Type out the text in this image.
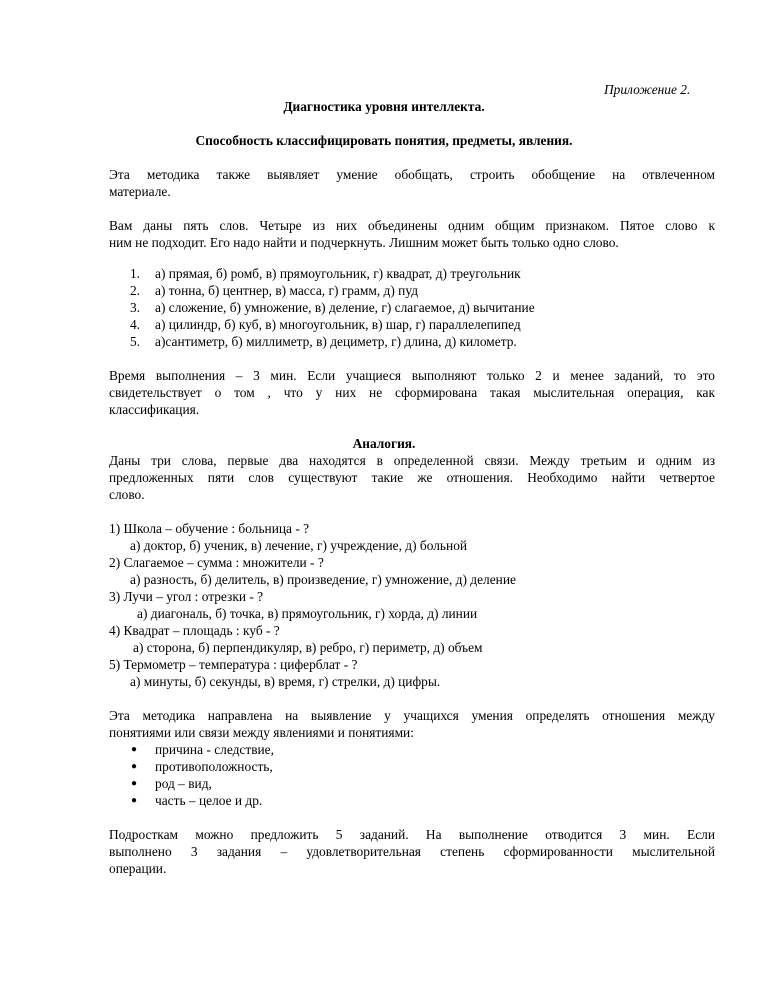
Приложение 2.
Диагностика уровня интеллекта.
Способность классифицировать понятия, предметы, явления.
Эта методика также выявляет умение обобщать, строить обобщение на отвлеченном
материале.
Вам даны пять слов. Четыре из них объединены одним общим признаком. Пятое слово к
ним не подходит. Его надо найти и подчеркнуть. Лишним может быть только одно слово.
1. а) прямая, б) ромб, в) прямоугольник, г) квадрат, д) треугольник
2. а) тонна, б) центнер, в) масса, г) грамм, д) пуд
3. а) сложение, б) умножение, в) деление, г) слагаемое, д) вычитание
4. а) цилиндр, б) куб, в) многоугольник, в) шар, г) параллелепипед
5. а)сантиметр, б) миллиметр, в) дециметр, г) длина, д) километр.
Время выполнения – 3 мин. Если учащиеся выполняют только 2 и менее заданий, то это
свидетельствует о том , что у них не сформирована такая мыслительная операция, как
классификация.
Аналогия.
Даны три слова, первые два находятся в определенной связи. Между третьим и одним из
предложенных пяти слов существуют такие же отношения. Необходимо найти четвертое
слово.
1) Школа – обучение : больница - ?
а) доктор, б) ученик, в) лечение, г) учреждение, д) больной
2) Слагаемое – сумма : множители - ?
а) разность, б) делитель, в) произведение, г) умножение, д) деление
3) Лучи – угол : отрезки - ?
а) диагональ, б) точка, в) прямоугольник, г) хорда, д) линии
4) Квадрат – площадь : куб - ?
а) сторона, б) перпендикуляр, в) ребро, г) периметр, д) объем
5) Термометр – температура : циферблат - ?
а) минуты, б) секунды, в) время, г) стрелки, д) цифры.
Эта методика направлена на выявление у учащихся умения определять отношения между
понятиями или связи между явлениями и понятиями:
● причина - следствие,
● противоположность,
● род – вид,
● часть – целое и др.
Подросткам можно предложить 5 заданий. На выполнение отводится 3 мин. Если
выполнено 3 задания – удовлетворительная степень сформированности мыслительной
операции.
